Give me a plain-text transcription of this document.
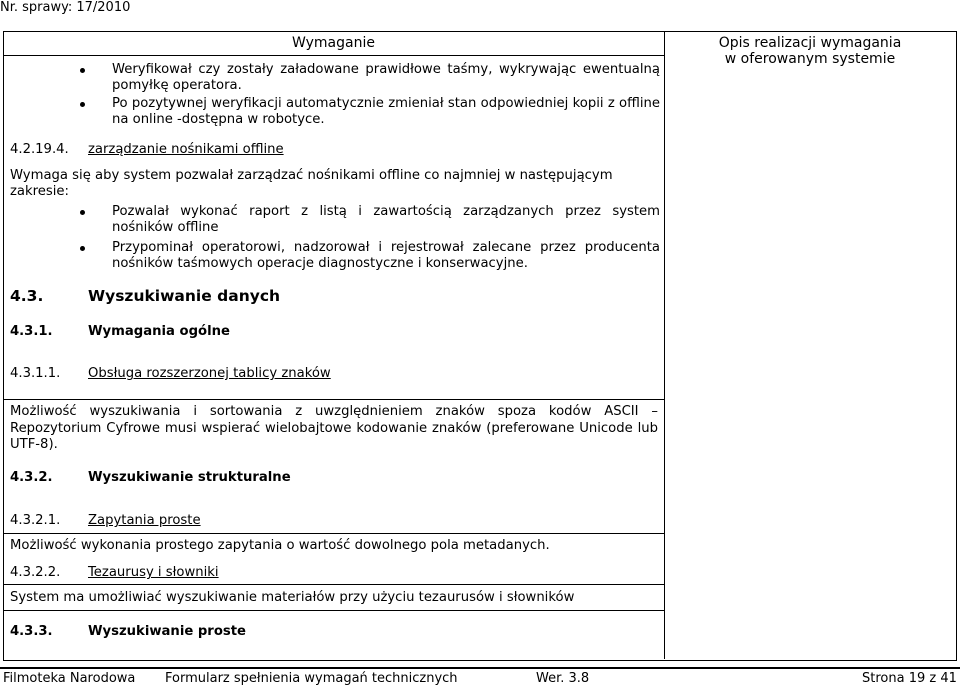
Nr. sprawy: 17/2010
Wymaganie	Opis realizacji wymagania
w oferowanym systemie
Weryfikował czy zostały załadowane prawidłowe taśmy, wykrywając ewentualną pomyłkę operatora.
Po pozytywnej weryfikacji automatycznie zmieniał stan odpowiedniej kopii z offline na online -dostępna w robotyce.
4.2.19.4. zarządzanie nośnikami offline
Wymaga się aby system pozwalał zarządzać nośnikami offline co najmniej w następującym zakresie:
Pozwalał wykonać raport z listą i zawartością zarządzanych przez system nośników offline
Przypominał operatorowi, nadzorował i rejestrował zalecane przez producenta nośników taśmowych operacje diagnostyczne i konserwacyjne.
4.3.	Wyszukiwanie danych
4.3.1.	Wymagania ogólne
4.3.1.1. Obsługa rozszerzonej tablicy znaków
Możliwość wyszukiwania i sortowania z uwzględnieniem znaków spoza kodów ASCII – Repozytorium Cyfrowe musi wspierać wielobajtowe kodowanie znaków (preferowane Unicode lub UTF-8).
4.3.2.	Wyszukiwanie strukturalne
4.3.2.1. Zapytania proste
Możliwość wykonania prostego zapytania o wartość dowolnego pola metadanych.
4.3.2.2. Tezaurusy i słowniki
System ma umożliwiać wyszukiwanie materiałów przy użyciu tezaurusów i słowników
4.3.3.	Wyszukiwanie proste
Filmoteka Narodowa Formularz spełnienia wymagań technicznych	Wer. 3.8	Strona 19 z 41
